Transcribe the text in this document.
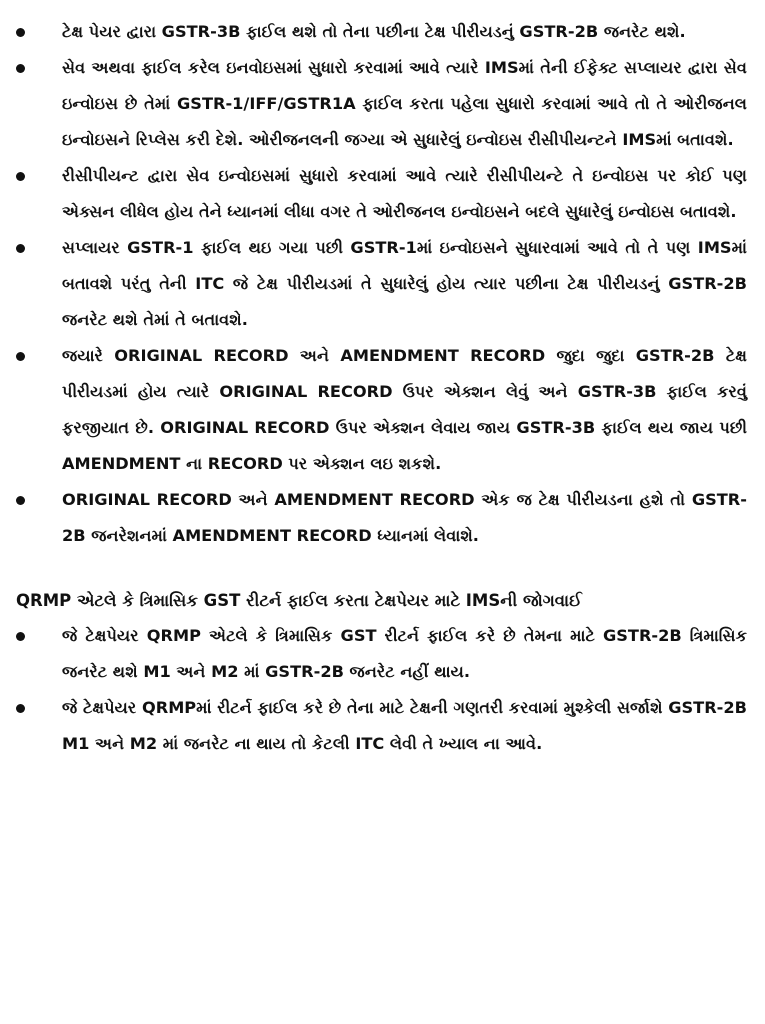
ટેક્ષ પેયર દ્વારા GSTR-3B ફાઈલ થશે તો તેના પછીના ટેક્ષ પીરીયડનું GSTR-2B જનરેટ થશે.
સેવ અથવા ફાઈલ કરેલ ઇનવોઇસમાં સુધારો કરવામાં આવે ત્યારે IMSમાં તેની ઈફેક્ટ સપ્લાયર દ્વારા સેવ ઇન્વોઇસ છે તેમાં GSTR-1/IFF/GSTR1A ફાઈલ કરતા પહેલા સુધારો કરવામાં આવે તો તે ઓરીજનલ ઇન્વોઇસને રિપ્લેસ કરી દેશે. ઓરીજનલની જગ્યા એ સુધારેલું ઇન્વોઇસ રીસીપીયન્ટને IMSમાં બતાવશે.
રીસીપીયન્ટ દ્વારા સેવ ઇન્વોઇસમાં સુધારો કરવામાં આવે ત્યારે રીસીપીયન્ટે તે ઇન્વોઇસ પર કોઈ પણ એક્સન લીધેલ હોય તેને ધ્યાનમાં લીધા વગર તે ઓરીજનલ ઇન્વોઇસને બદલે સુધારેલું ઇન્વોઇસ બતાવશે.
સપ્લાયર GSTR-1 ફાઈલ થઇ ગયા પછી GSTR-1માં ઇન્વોઇસને સુધારવામાં આવે તો તે પણ IMSમાં બતાવશે પરંતુ તેની ITC જે ટેક્ષ પીરીયડમાં તે સુધારેલું હોય ત્યાર પછીના ટેક્ષ પીરીયડનું GSTR-2B જનરેટ થશે તેમાં તે બતાવશે.
જયારે ORIGINAL RECORD અને AMENDMENT RECORD જુદા જુદા GSTR-2B ટેક્ષ પીરીયડમાં હોય ત્યારે ORIGINAL RECORD ઉપર એક્શન લેવું અને GSTR-3B ફાઈલ કરવું ફરજીયાત છે. ORIGINAL RECORD ઉપર એક્શન લેવાય જાય GSTR-3B ફાઈલ થય જાય પછી AMENDMENT ના RECORD પર એક્શન લઇ શકશે.
ORIGINAL RECORD અને AMENDMENT RECORD એક જ ટેક્ષ પીરીયડના હશે તો GSTR-2B જનરેશનમાં AMENDMENT RECORD ધ્યાનમાં લેવાશે.
QRMP એટલે કે ત્રિમાસિક GST રીટર્ન ફાઈલ કરતા ટેક્ષપેયર માટે IMSની જોગવાઈ
જે ટેક્ષપેયર QRMP એટલે કે ત્રિમાસિક GST રીટર્ન ફાઈલ કરે છે તેમના માટે GSTR-2B ત્રિમાસિક જનરેટ થશે M1 અને M2 માં GSTR-2B જનરેટ નહીં થાય.
જે ટેક્ષપેયર QRMPમાં રીટર્ન ફાઈલ કરે છે તેના માટે ટેક્ષની ગણતરી કરવામાં મુશ્કેલી સર્જાશે GSTR-2B M1 અને M2 માં જનરેટ ના થાય તો કેટલી ITC લેવી તે ખ્યાલ ના આવે.
